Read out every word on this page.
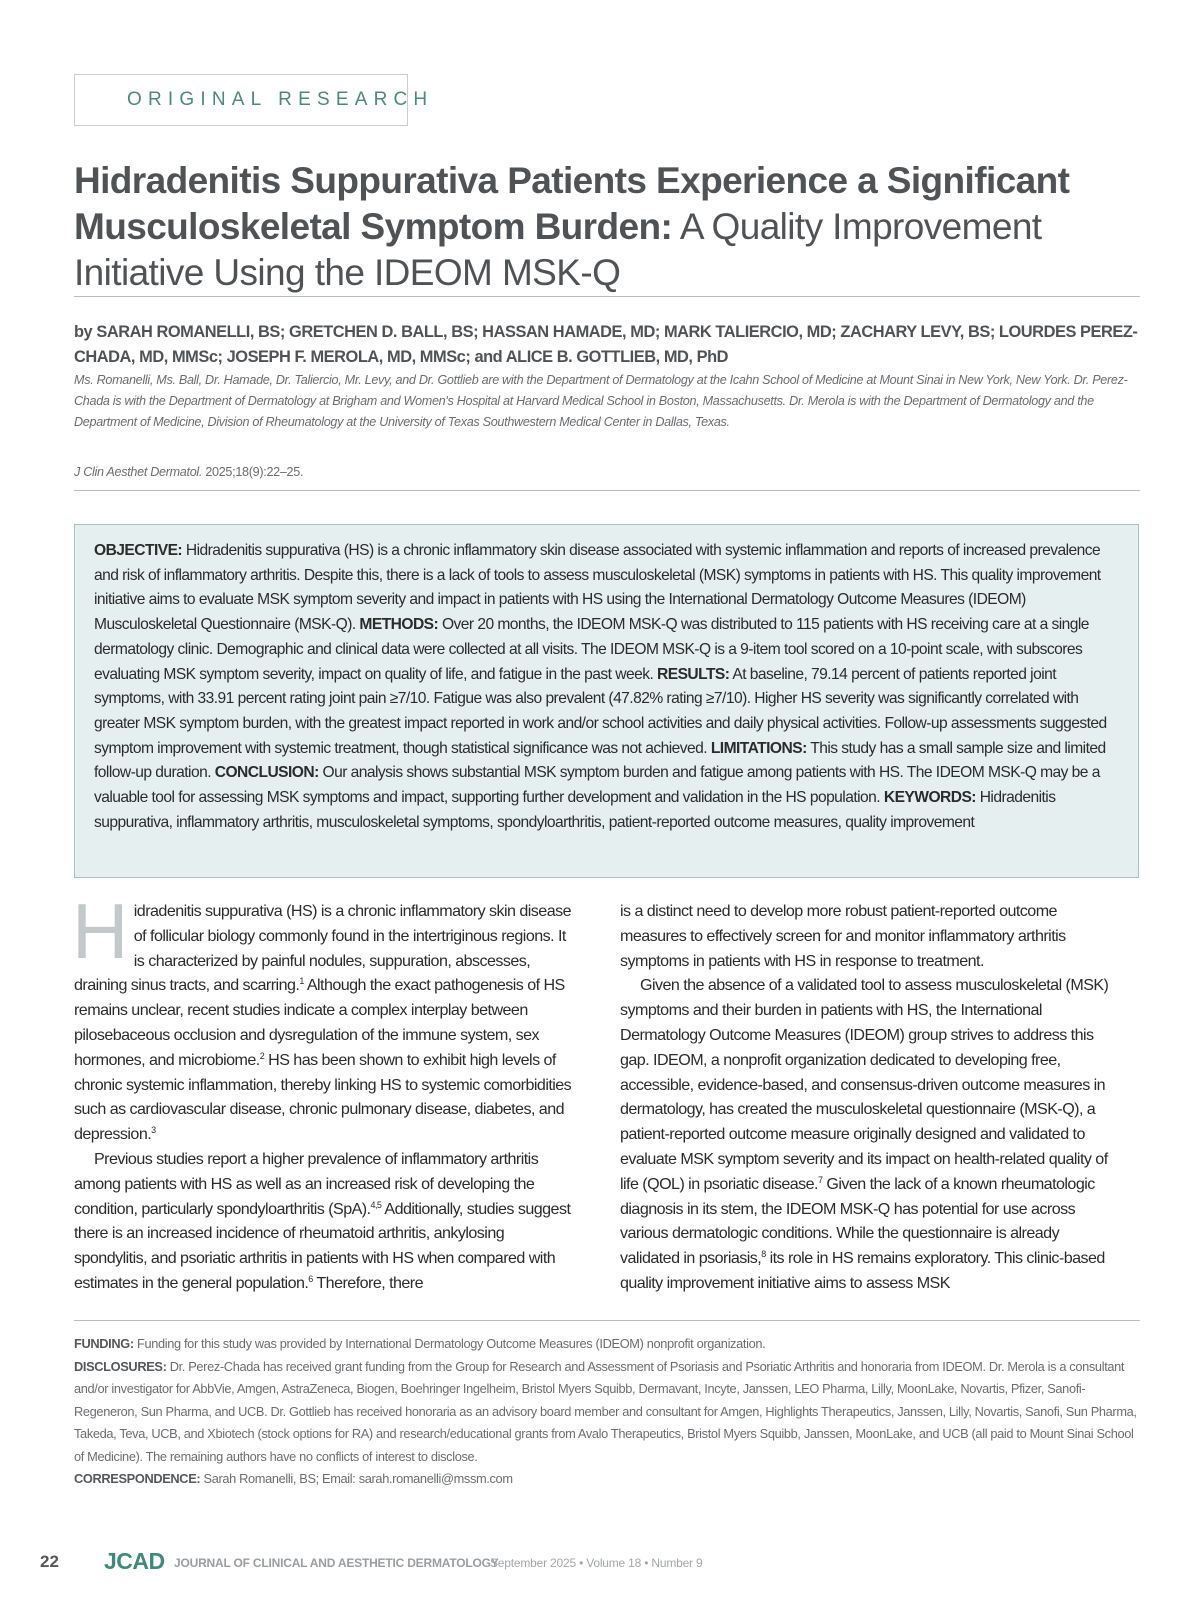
ORIGINAL RESEARCH
Hidradenitis Suppurativa Patients Experience a Significant Musculoskeletal Symptom Burden: A Quality Improvement Initiative Using the IDEOM MSK-Q

by SARAH ROMANELLI, BS; GRETCHEN D. BALL, BS; HASSAN HAMADE, MD; MARK TALIERCIO, MD; ZACHARY LEVY, BS; LOURDES PEREZ-CHADA, MD, MMSc; JOSEPH F. MEROLA, MD, MMSc; and ALICE B. GOTTLIEB, MD, PhD

Ms. Romanelli, Ms. Ball, Dr. Hamade, Dr. Taliercio, Mr. Levy, and Dr. Gottlieb are with the Department of Dermatology at the Icahn School of Medicine at Mount Sinai in New York, New York. Dr. Perez-Chada is with the Department of Dermatology at Brigham and Women's Hospital at Harvard Medical School in Boston, Massachusetts. Dr. Merola is with the Department of Dermatology and the Department of Medicine, Division of Rheumatology at the University of Texas Southwestern Medical Center in Dallas, Texas.

J Clin Aesthet Dermatol. 2025;18(9):22–25.

OBJECTIVE: Hidradenitis suppurativa (HS) is a chronic inflammatory skin disease associated with systemic inflammation and reports of increased prevalence and risk of inflammatory arthritis. Despite this, there is a lack of tools to assess musculoskeletal (MSK) symptoms in patients with HS. This quality improvement initiative aims to evaluate MSK symptom severity and impact in patients with HS using the International Dermatology Outcome Measures (IDEOM) Musculoskeletal Questionnaire (MSK-Q). METHODS: Over 20 months, the IDEOM MSK-Q was distributed to 115 patients with HS receiving care at a single dermatology clinic. Demographic and clinical data were collected at all visits. The IDEOM MSK-Q is a 9-item tool scored on a 10-point scale, with subscores evaluating MSK symptom severity, impact on quality of life, and fatigue in the past week. RESULTS: At baseline, 79.14 percent of patients reported joint symptoms, with 33.91 percent rating joint pain ≥7/10. Fatigue was also prevalent (47.82% rating ≥7/10). Higher HS severity was significantly correlated with greater MSK symptom burden, with the greatest impact reported in work and/or school activities and daily physical activities. Follow-up assessments suggested symptom improvement with systemic treatment, though statistical significance was not achieved. LIMITATIONS: This study has a small sample size and limited follow-up duration. CONCLUSION: Our analysis shows substantial MSK symptom burden and fatigue among patients with HS. The IDEOM MSK-Q may be a valuable tool for assessing MSK symptoms and impact, supporting further development and validation in the HS population. KEYWORDS: Hidradenitis suppurativa, inflammatory arthritis, musculoskeletal symptoms, spondyloarthritis, patient-reported outcome measures, quality improvement

Hidradenitis suppurativa (HS) is a chronic inflammatory skin disease of follicular biology commonly found in the intertriginous regions. It is characterized by painful nodules, suppuration, abscesses, draining sinus tracts, and scarring.$^1$ Although the exact pathogenesis of HS remains unclear, recent studies indicate a complex interplay between pilosebaceous occlusion and dysregulation of the immune system, sex hormones, and microbiome.$^2$ HS has been shown to exhibit high levels of chronic systemic inflammation, thereby linking HS to systemic comorbidities such as cardiovascular disease, chronic pulmonary disease, diabetes, and depression.$^3$

Previous studies report a higher prevalence of inflammatory arthritis among patients with HS as well as an increased risk of developing the condition, particularly spondyloarthritis (SpA).$^{4,5}$ Additionally, studies suggest there is an increased incidence of rheumatoid arthritis, ankylosing spondylitis, and psoriatic arthritis in patients with HS when compared with estimates in the general population.$^6$ Therefore, there

is a distinct need to develop more robust patient-reported outcome measures to effectively screen for and monitor inflammatory arthritis symptoms in patients with HS in response to treatment.

Given the absence of a validated tool to assess musculoskeletal (MSK) symptoms and their burden in patients with HS, the International Dermatology Outcome Measures (IDEOM) group strives to address this gap. IDEOM, a nonprofit organization dedicated to developing free, accessible, evidence-based, and consensus-driven outcome measures in dermatology, has created the musculoskeletal questionnaire (MSK-Q), a patient-reported outcome measure originally designed and validated to evaluate MSK symptom severity and its impact on health-related quality of life (QOL) in psoriatic disease.$^7$ Given the lack of a known rheumatologic diagnosis in its stem, the IDEOM MSK-Q has potential for use across various dermatologic conditions. While the questionnaire is already validated in psoriasis,$^8$ its role in HS remains exploratory. This clinic-based quality improvement initiative aims to assess MSK

FUNDING: Funding for this study was provided by International Dermatology Outcome Measures (IDEOM) nonprofit organization.

DISCLOSURES: Dr. Perez-Chada has received grant funding from the Group for Research and Assessment of Psoriasis and Psoriatic Arthritis and honoraria from IDEOM. Dr. Merola is a consultant and/or investigator for AbbVie, Amgen, AstraZeneca, Biogen, Boehringer Ingelheim, Bristol Myers Squibb, Dermavant, Incyte, Janssen, LEO Pharma, Lilly, MoonLake, Novartis, Pfizer, Sanofi-Regeneron, Sun Pharma, and UCB. Dr. Gottlieb has received honoraria as an advisory board member and consultant for Amgen, Highlights Therapeutics, Janssen, Lilly, Novartis, Sanofi, Sun Pharma, Takeda, Teva, UCB, and Xbiotech (stock options for RA) and research/educational grants from Avalo Therapeutics, Bristol Myers Squibb, Janssen, MoonLake, and UCB (all paid to Mount Sinai School of Medicine). The remaining authors have no conflicts of interest to disclose.

CORRESPONDENCE: Sarah Romanelli, BS; Email: sarah.romanelli@mssm.com

22 JCAD JOURNAL OF CLINICAL AND AESTHETIC DERMATOLOGY
September 2025 • Volume 18 • Number 9
